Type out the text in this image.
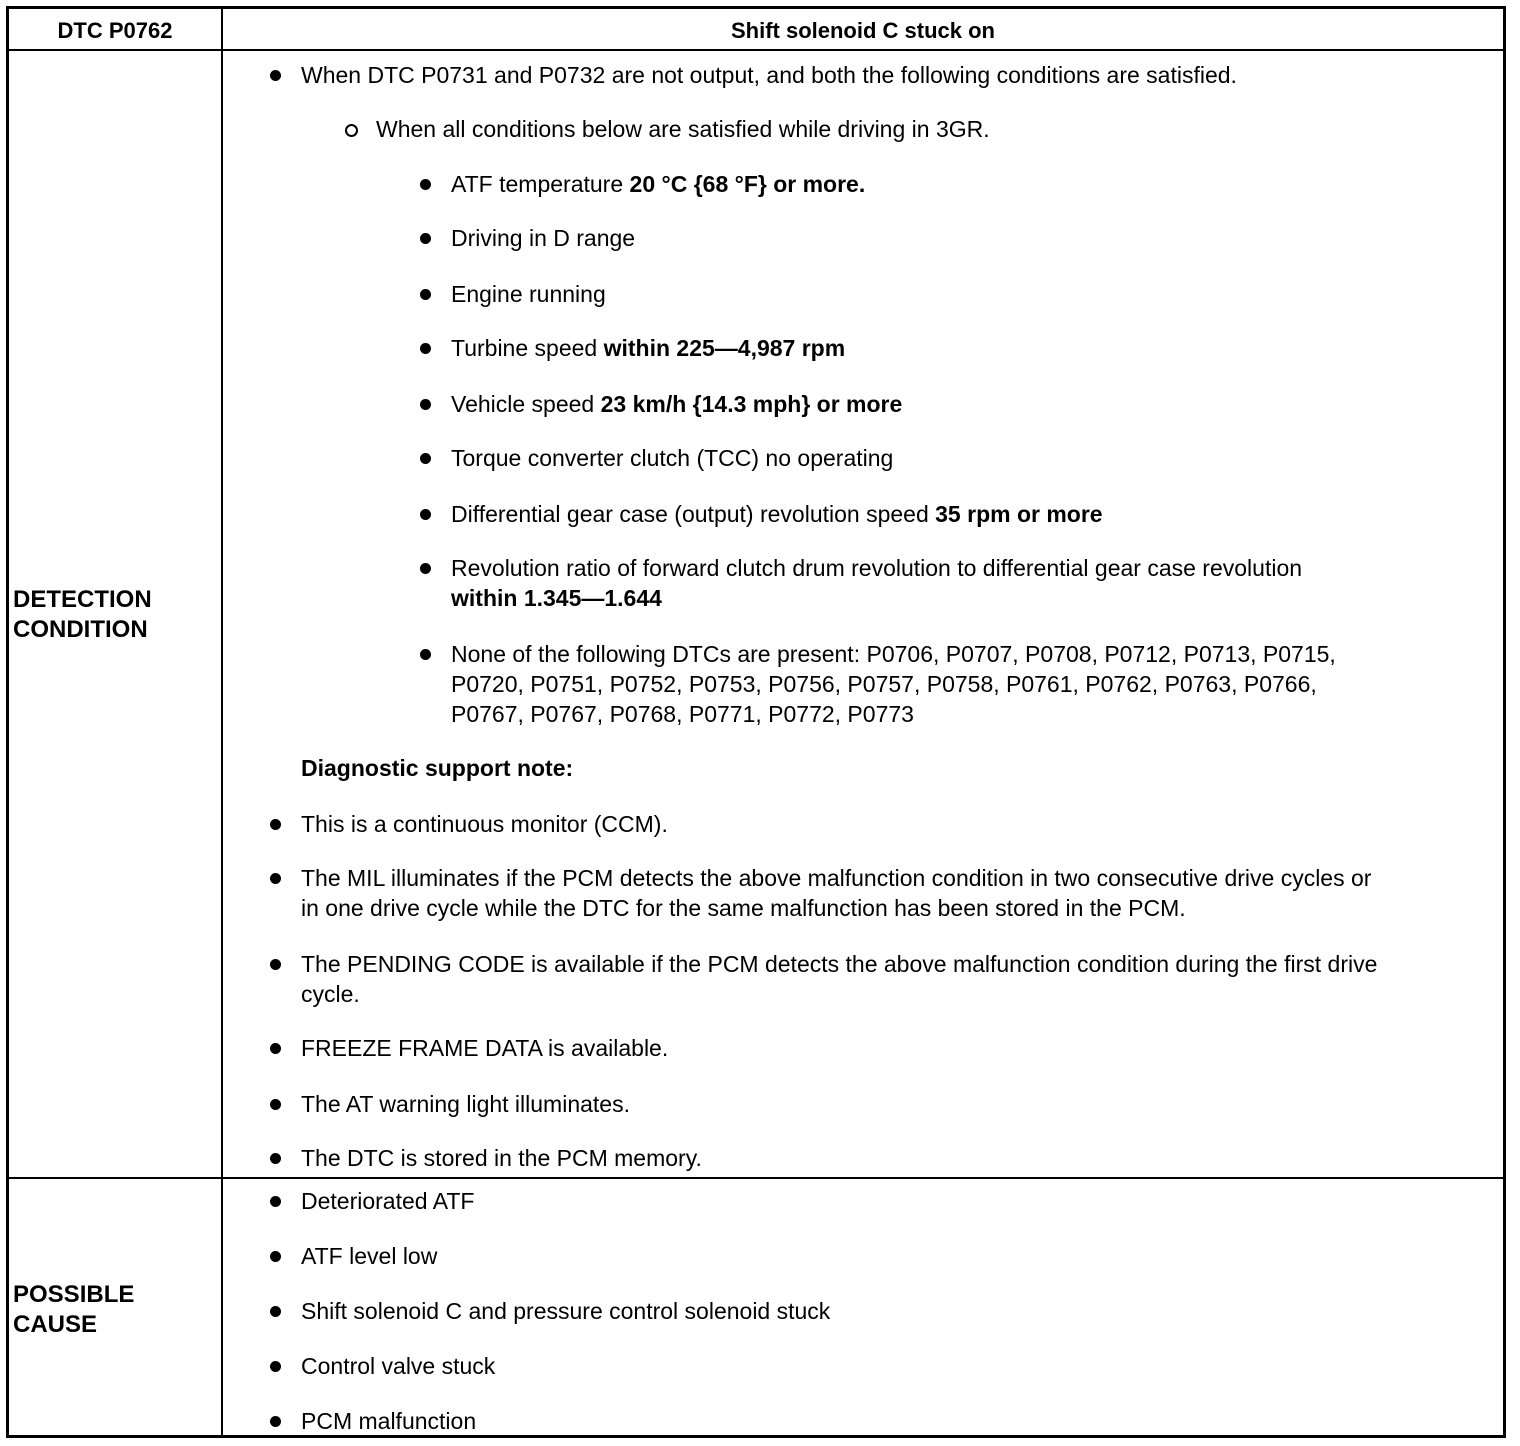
DTC P0762	Shift solenoid C stuck on
DETECTION
CONDITION
When DTC P0731 and P0732 are not output, and both the following conditions are satisfied.
When all conditions below are satisfied while driving in 3GR.
ATF temperature 20 °C {68 °F} or more.
Driving in D range
Engine running
Turbine speed within 225—4,987 rpm
Vehicle speed 23 km/h {14.3 mph} or more
Torque converter clutch (TCC) no operating
Differential gear case (output) revolution speed 35 rpm or more
Revolution ratio of forward clutch drum revolution to differential gear case revolution
within 1.345—1.644
None of the following DTCs are present: P0706, P0707, P0708, P0712, P0713, P0715,
P0720, P0751, P0752, P0753, P0756, P0757, P0758, P0761, P0762, P0763, P0766,
P0767, P0767, P0768, P0771, P0772, P0773
Diagnostic support note:
This is a continuous monitor (CCM).
The MIL illuminates if the PCM detects the above malfunction condition in two consecutive drive cycles or
in one drive cycle while the DTC for the same malfunction has been stored in the PCM.
The PENDING CODE is available if the PCM detects the above malfunction condition during the first drive
cycle.
FREEZE FRAME DATA is available.
The AT warning light illuminates.
The DTC is stored in the PCM memory.
POSSIBLE
CAUSE
Deteriorated ATF
ATF level low
Shift solenoid C and pressure control solenoid stuck
Control valve stuck
PCM malfunction
